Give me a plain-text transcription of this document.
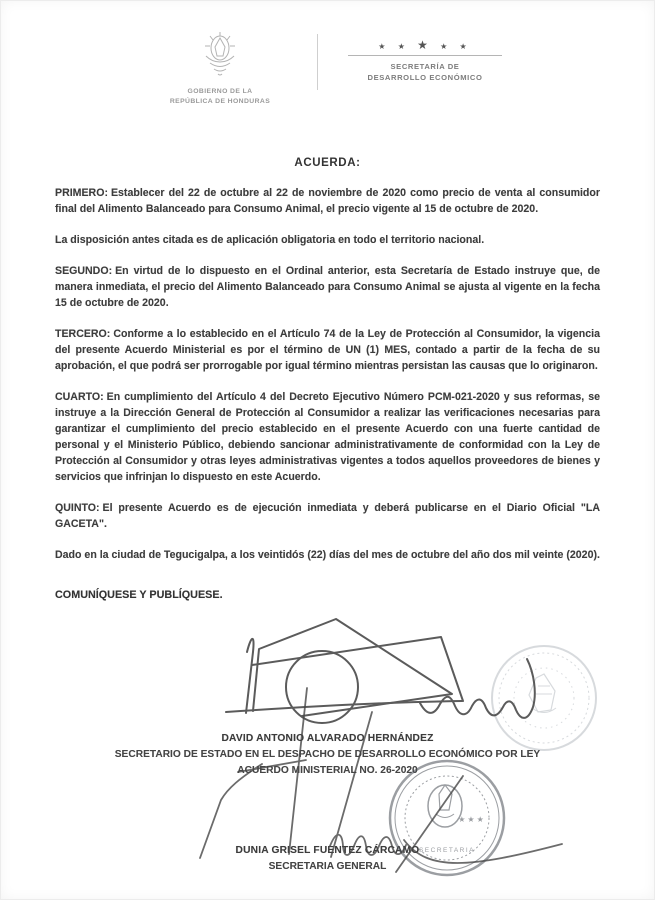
GOBIERNO DE LA
REPÚBLICA DE HONDURAS
★ ★ ★ ★ ★
SECRETARÍA DE
DESARROLLO ECONÓMICO
ACUERDA:

PRIMERO: Establecer del 22 de octubre al 22 de noviembre de 2020 como precio de venta al consumidor final del Alimento Balanceado para Consumo Animal, el precio vigente al 15 de octubre de 2020.

La disposición antes citada es de aplicación obligatoria en todo el territorio nacional.

SEGUNDO: En virtud de lo dispuesto en el Ordinal anterior, esta Secretaría de Estado instruye que, de manera inmediata, el precio del Alimento Balanceado para Consumo Animal se ajusta al vigente en la fecha 15 de octubre de 2020.

TERCERO: Conforme a lo establecido en el Artículo 74 de la Ley de Protección al Consumidor, la vigencia del presente Acuerdo Ministerial es por el término de UN (1) MES, contado a partir de la fecha de su aprobación, el que podrá ser prorrogable por igual término mientras persistan las causas que lo originaron.

CUARTO: En cumplimiento del Artículo 4 del Decreto Ejecutivo Número PCM-021-2020 y sus reformas, se instruye a la Dirección General de Protección al Consumidor a realizar las verificaciones necesarias para garantizar el cumplimiento del precio establecido en el presente Acuerdo con una fuerte cantidad de personal y el Ministerio Público, debiendo sancionar administrativamente de conformidad con la Ley de Protección al Consumidor y otras leyes administrativas vigentes a todos aquellos proveedores de bienes y servicios que infrinjan lo dispuesto en este Acuerdo.

QUINTO: El presente Acuerdo es de ejecución inmediata y deberá publicarse en el Diario Oficial "LA GACETA".

Dado en la ciudad de Tegucigalpa, a los veintidós (22) días del mes de octubre del año dos mil veinte (2020).

COMUNÍQUESE Y PUBLÍQUESE.

DAVID ANTONIO ALVARADO HERNÁNDEZ
SECRETARIO DE ESTADO EN EL DESPACHO DE DESARROLLO ECONÓMICO POR LEY
ACUERDO MINISTERIAL NO. 26-2020
DUNIA GRISEL FUENTEZ CÁRCAMO
SECRETARIA GENERAL
★★★
SECRETARIA
